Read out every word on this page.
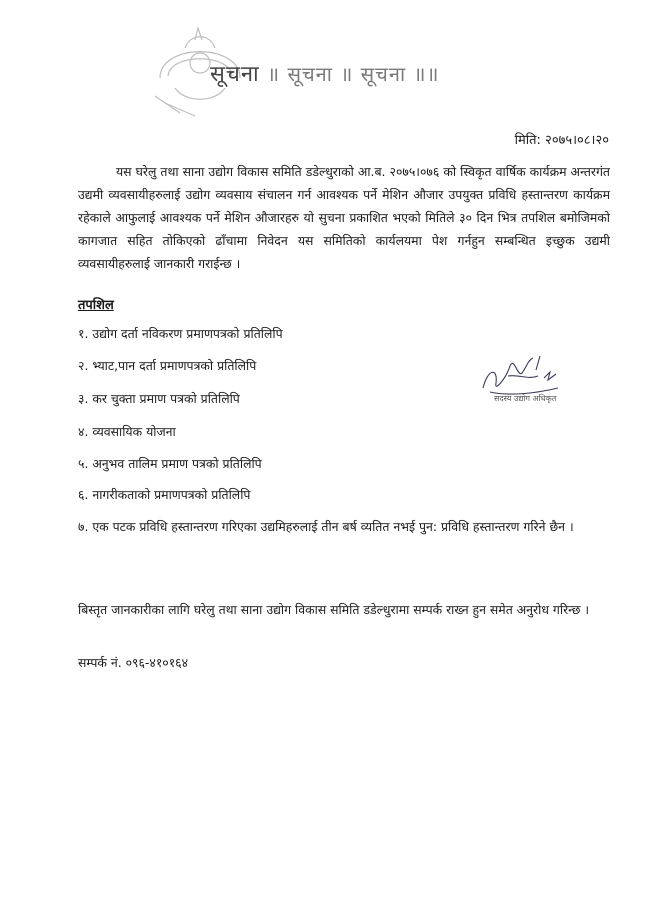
सूचना ॥ सूचना ॥ सूचना ॥॥
मिति: २०७५।०८।२०
यस घरेलु तथा साना उद्योग विकास समिति डडेल्धुराको आ.ब. २०७५।०७६ को स्विकृत वार्षिक कार्यक्रम अन्तरगंत उद्यमी व्यवसायीहरुलाई उद्योग व्यवसाय संचालन गर्न आवश्यक पर्ने मेशिन औजार उपयुक्त प्रविधि हस्तान्तरण कार्यक्रम रहेकाले आफुलाई आवश्यक पर्ने मेशिन औजारहरु यो सुचना प्रकाशित भएको मितिले ३० दिन भित्र तपशिल बमोजिमको कागजात सहित तोकिएको ढाँचामा निवेदन यस समितिको कार्यलयमा पेश गर्नहुन सम्बन्धित इच्छुक उद्यमी व्यवसायीहरुलाई जानकारी गराईन्छ ।
तपशिल
१. उद्योग दर्ता नविकरण प्रमाणपत्रको प्रतिलिपि
२. भ्याट,पान दर्ता प्रमाणपत्रको प्रतिलिपि
३. कर चुक्ता प्रमाण पत्रको प्रतिलिपि
४. व्यवसायिक योजना
५. अनुभव तालिम प्रमाण पत्रको प्रतिलिपि
६. नागरीकताको प्रमाणपत्रको प्रतिलिपि
७. एक पटक प्रविधि हस्तान्तरण गरिएका उद्यमिहरुलाई तीन बर्ष व्यतित नभई पुन: प्रविधि हस्तान्तरण गरिने छैन ।
सदस्य उद्योग अधिकृत
बिस्तृत जानकारीका लागि घरेलु तथा साना उद्योग विकास समिति डडेल्धुरामा सम्पर्क राख्न हुन समेत अनुरोध गरिन्छ ।
सम्पर्क नं. ०९६-४१०१६४
